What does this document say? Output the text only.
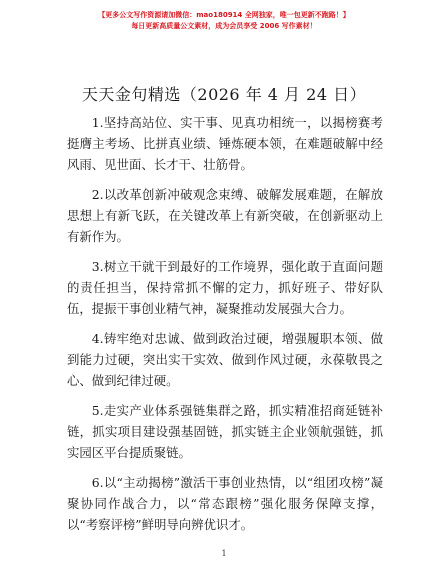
【更多公文写作资源请加微信：mao180914 全网独家，唯一包更新不跑路！】
每日更新高质量公文素材，成为会员享受 2006 写作素材！
天天金句精选（2026 年 4 月 24 日）

1.坚持高站位、实干事、见真功相统一，以揭榜赛考挺膺主考场、比拼真业绩、锤炼硬本领，在难题破解中经风雨、见世面、长才干、壮筋骨。

2.以改革创新冲破观念束缚、破解发展难题，在解放思想上有新飞跃，在关键改革上有新突破，在创新驱动上有新作为。

3.树立干就干到最好的工作境界，强化敢于直面问题的责任担当，保持常抓不懈的定力，抓好班子、带好队伍，提振干事创业精气神，凝聚推动发展强大合力。

4.铸牢绝对忠诚、做到政治过硬，增强履职本领、做到能力过硬，突出实干实效、做到作风过硬，永葆敬畏之心、做到纪律过硬。

5.走实产业体系强链集群之路，抓实精准招商延链补链，抓实项目建设强基固链，抓实链主企业领航强链，抓实园区平台提质聚链。

6.以“主动揭榜”激活干事创业热情，以“组团攻榜”凝聚协同作战合力，以“常态跟榜”强化服务保障支撑，以“考察评榜”鲜明导向辨优识才。

1
